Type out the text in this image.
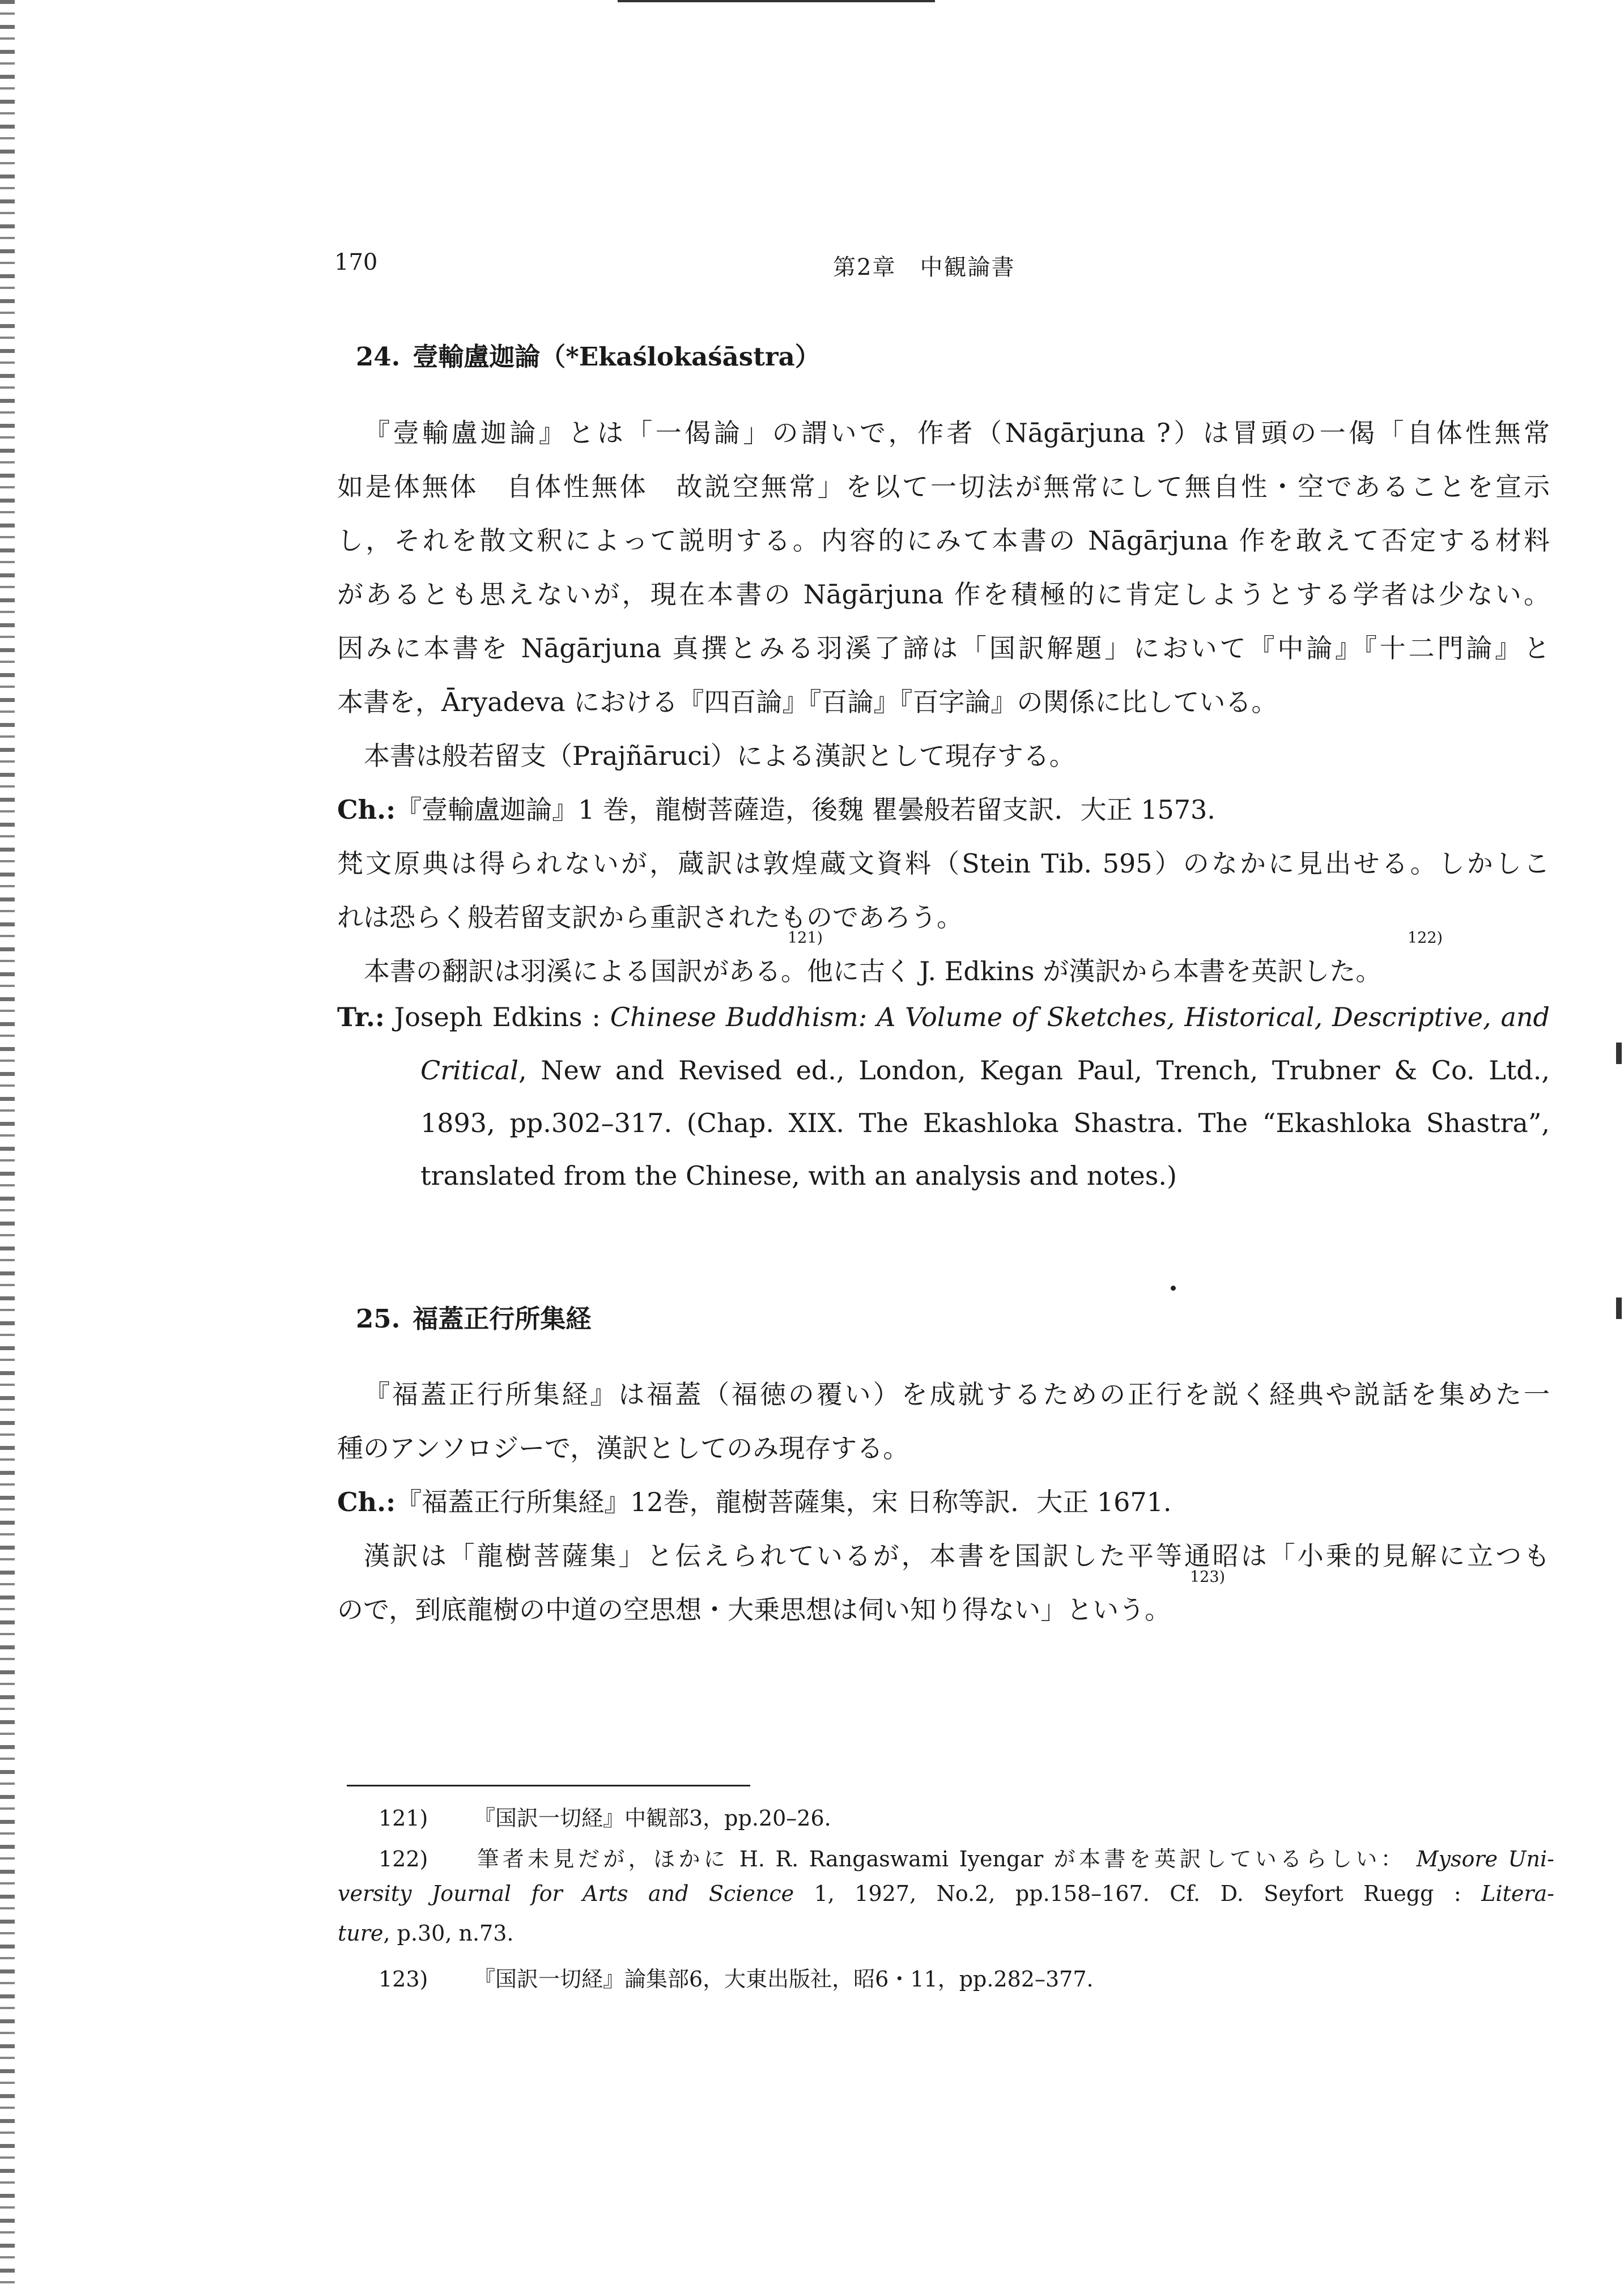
170	第2章　中観論書
24. 壹輸盧迦論（*Ekaślokaśāstra）
『壹輸盧迦論』とは「一偈論」の謂いで，作者（Nāgārjuna ?）は冒頭の一偈「自体性無常
如是体無体　自体性無体　故説空無常」を以て一切法が無常にして無自性・空であることを宣示
し，それを散文釈によって説明する。内容的にみて本書の Nāgārjuna 作を敢えて否定する材料
があるとも思えないが，現在本書の Nāgārjuna 作を積極的に肯定しようとする学者は少ない。
因みに本書を Nāgārjuna 真撰とみる羽溪了諦は「国訳解題」において『中論』『十二門論』と
本書を，Āryadeva における『四百論』『百論』『百字論』の関係に比している。
本書は般若留支（Prajñāruci）による漢訳として現存する。
Ch.:『壹輸盧迦論』1 巻，龍樹菩薩造，後魏 瞿曇般若留支訳．大正 1573.
梵文原典は得られないが，蔵訳は敦煌蔵文資料（Stein Tib. 595）のなかに見出せる。しかしこ
れは恐らく般若留支訳から重訳されたものであろう。
121)	122)
本書の翻訳は羽溪による国訳がある。他に古く J. Edkins が漢訳から本書を英訳した。
Tr.: Joseph Edkins : Chinese Buddhism: A Volume of Sketches, Historical, Descriptive, and
Critical, New and Revised ed., London, Kegan Paul, Trench, Trubner & Co. Ltd.,
1893, pp.302–317. (Chap. XIX. The Ekashloka Shastra. The “Ekashloka Shastra”,
translated from the Chinese, with an analysis and notes.)
25. 福蓋正行所集経
『福蓋正行所集経』は福蓋（福徳の覆い）を成就するための正行を説く経典や説話を集めた一
種のアンソロジーで，漢訳としてのみ現存する。
Ch.:『福蓋正行所集経』12巻，龍樹菩薩集，宋 日称等訳．大正 1671.
漢訳は「龍樹菩薩集」と伝えられているが，本書を国訳した平等通昭は「小乗的見解に立つも
123)
ので，到底龍樹の中道の空思想・大乗思想は伺い知り得ない」という。
121) 『国訳一切経』中観部3，pp.20–26.
122) 筆者未見だが，ほかに H. R. Rangaswami Iyengar が本書を英訳しているらしい： Mysore Uni-
versity Journal for Arts and Science 1, 1927, No.2, pp.158–167. Cf. D. Seyfort Ruegg : Litera-
ture, p.30, n.73.
123) 『国訳一切経』論集部6，大東出版社，昭6・11，pp.282–377.
